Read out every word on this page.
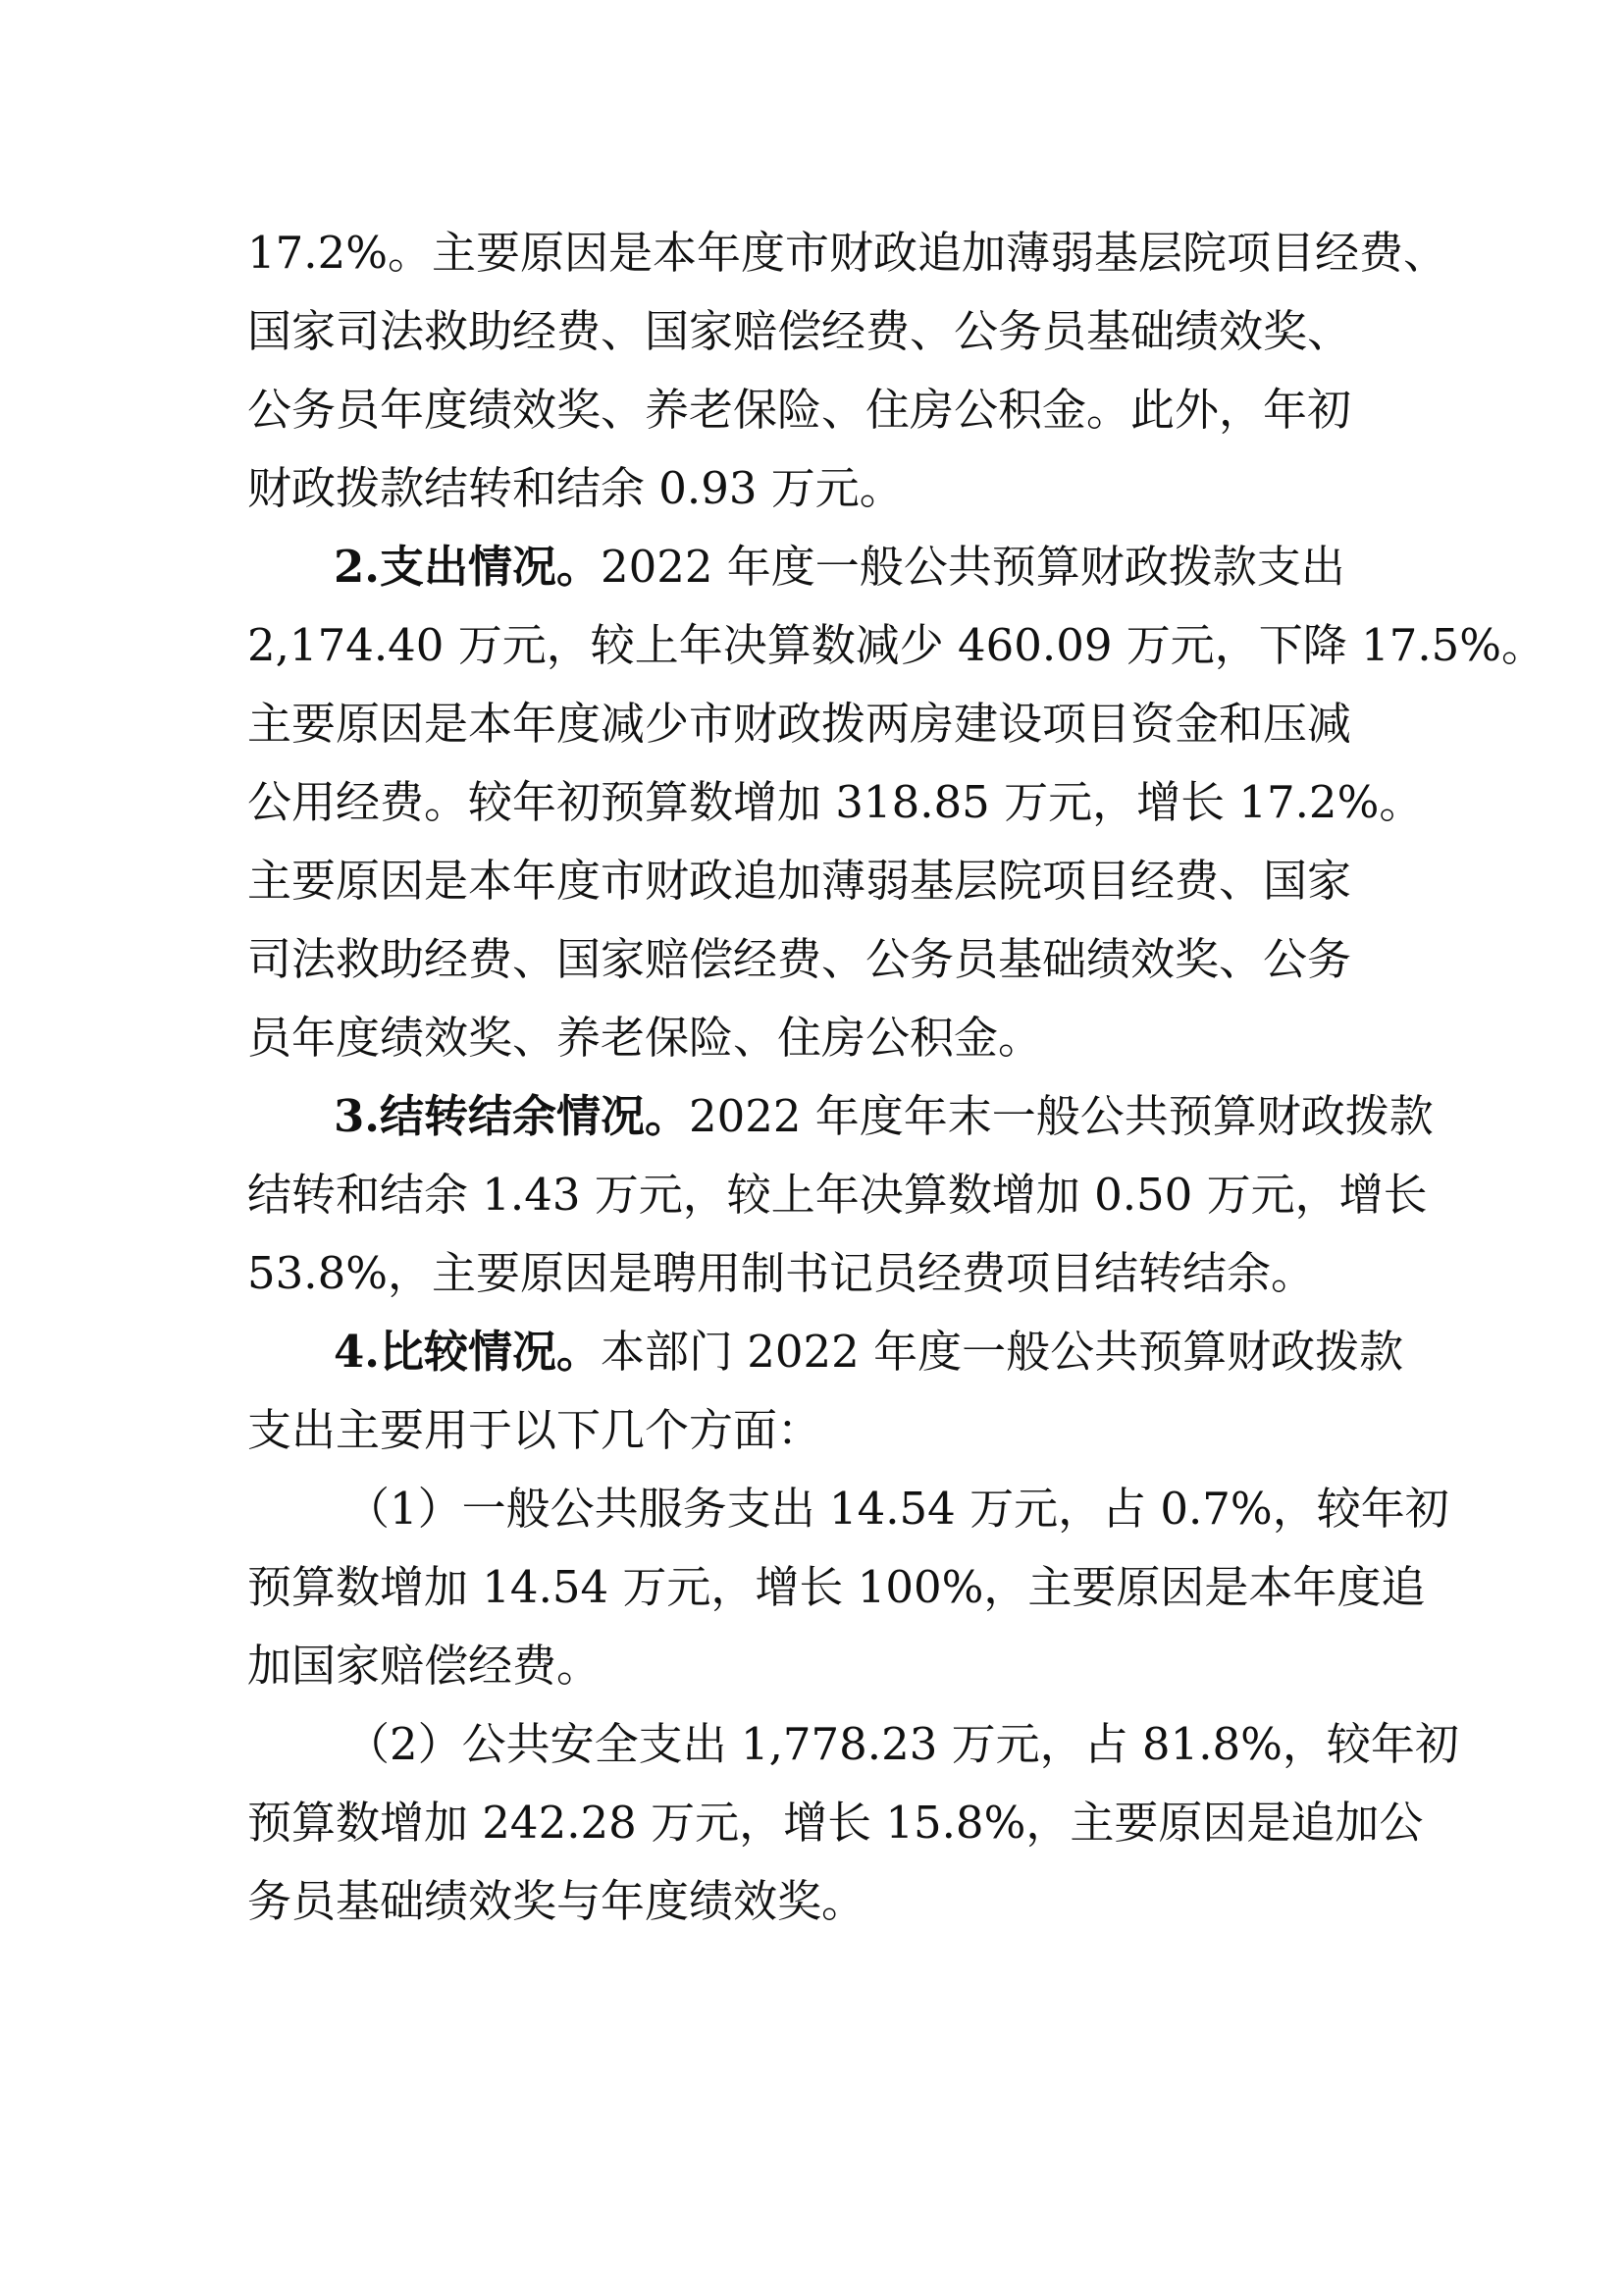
17.2%。主要原因是本年度市财政追加薄弱基层院项目经费、
国家司法救助经费、国家赔偿经费、公务员基础绩效奖、
公务员年度绩效奖、养老保险、住房公积金。此外，年初
财政拨款结转和结余 0.93 万元。
2.支出情况。2022 年度一般公共预算财政拨款支出
2,174.40 万元，较上年决算数减少 460.09 万元，下降 17.5%。
主要原因是本年度减少市财政拨两房建设项目资金和压减
公用经费。较年初预算数增加 318.85 万元，增长 17.2%。
主要原因是本年度市财政追加薄弱基层院项目经费、国家
司法救助经费、国家赔偿经费、公务员基础绩效奖、公务
员年度绩效奖、养老保险、住房公积金。
3.结转结余情况。2022 年度年末一般公共预算财政拨款
结转和结余 1.43 万元，较上年决算数增加 0.50 万元，增长
53.8%，主要原因是聘用制书记员经费项目结转结余。
4.比较情况。本部门 2022 年度一般公共预算财政拨款
支出主要用于以下几个方面：
（1）一般公共服务支出 14.54 万元，占 0.7%，较年初
预算数增加 14.54 万元，增长 100%，主要原因是本年度追
加国家赔偿经费。
（2）公共安全支出 1,778.23 万元，占 81.8%，较年初
预算数增加 242.28 万元，增长 15.8%，主要原因是追加公
务员基础绩效奖与年度绩效奖。
